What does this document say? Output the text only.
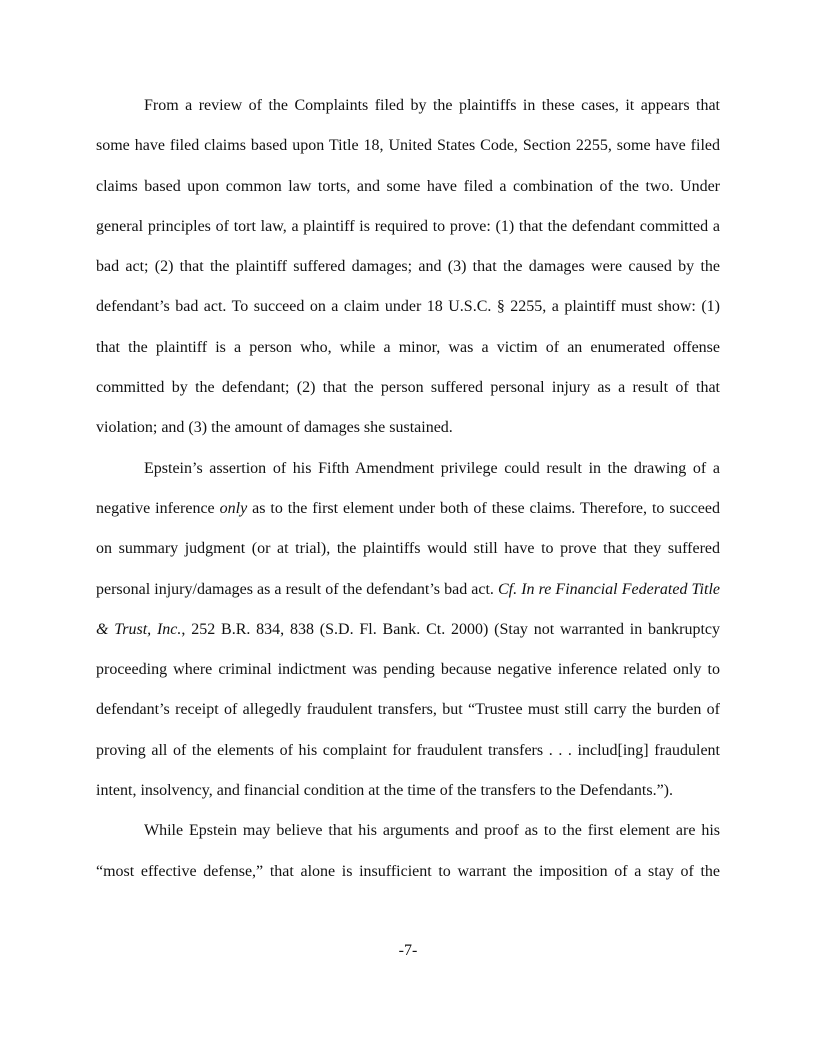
From a review of the Complaints filed by the plaintiffs in these cases, it appears that some have filed claims based upon Title 18, United States Code, Section 2255, some have filed claims based upon common law torts, and some have filed a combination of the two. Under general principles of tort law, a plaintiff is required to prove: (1) that the defendant committed a bad act; (2) that the plaintiff suffered damages; and (3) that the damages were caused by the defendant’s bad act. To succeed on a claim under 18 U.S.C. § 2255, a plaintiff must show: (1) that the plaintiff is a person who, while a minor, was a victim of an enumerated offense committed by the defendant; (2) that the person suffered personal injury as a result of that violation; and (3) the amount of damages she sustained.

Epstein’s assertion of his Fifth Amendment privilege could result in the drawing of a negative inference only as to the first element under both of these claims. Therefore, to succeed on summary judgment (or at trial), the plaintiffs would still have to prove that they suffered personal injury/damages as a result of the defendant’s bad act. Cf. In re Financial Federated Title & Trust, Inc., 252 B.R. 834, 838 (S.D. Fl. Bank. Ct. 2000) (Stay not warranted in bankruptcy proceeding where criminal indictment was pending because negative inference related only to defendant’s receipt of allegedly fraudulent transfers, but “Trustee must still carry the burden of proving all of the elements of his complaint for fraudulent transfers . . . includ[ing] fraudulent intent, insolvency, and financial condition at the time of the transfers to the Defendants.”).

While Epstein may believe that his arguments and proof as to the first element are his “most effective defense,” that alone is insufficient to warrant the imposition of a stay of the

-7-
